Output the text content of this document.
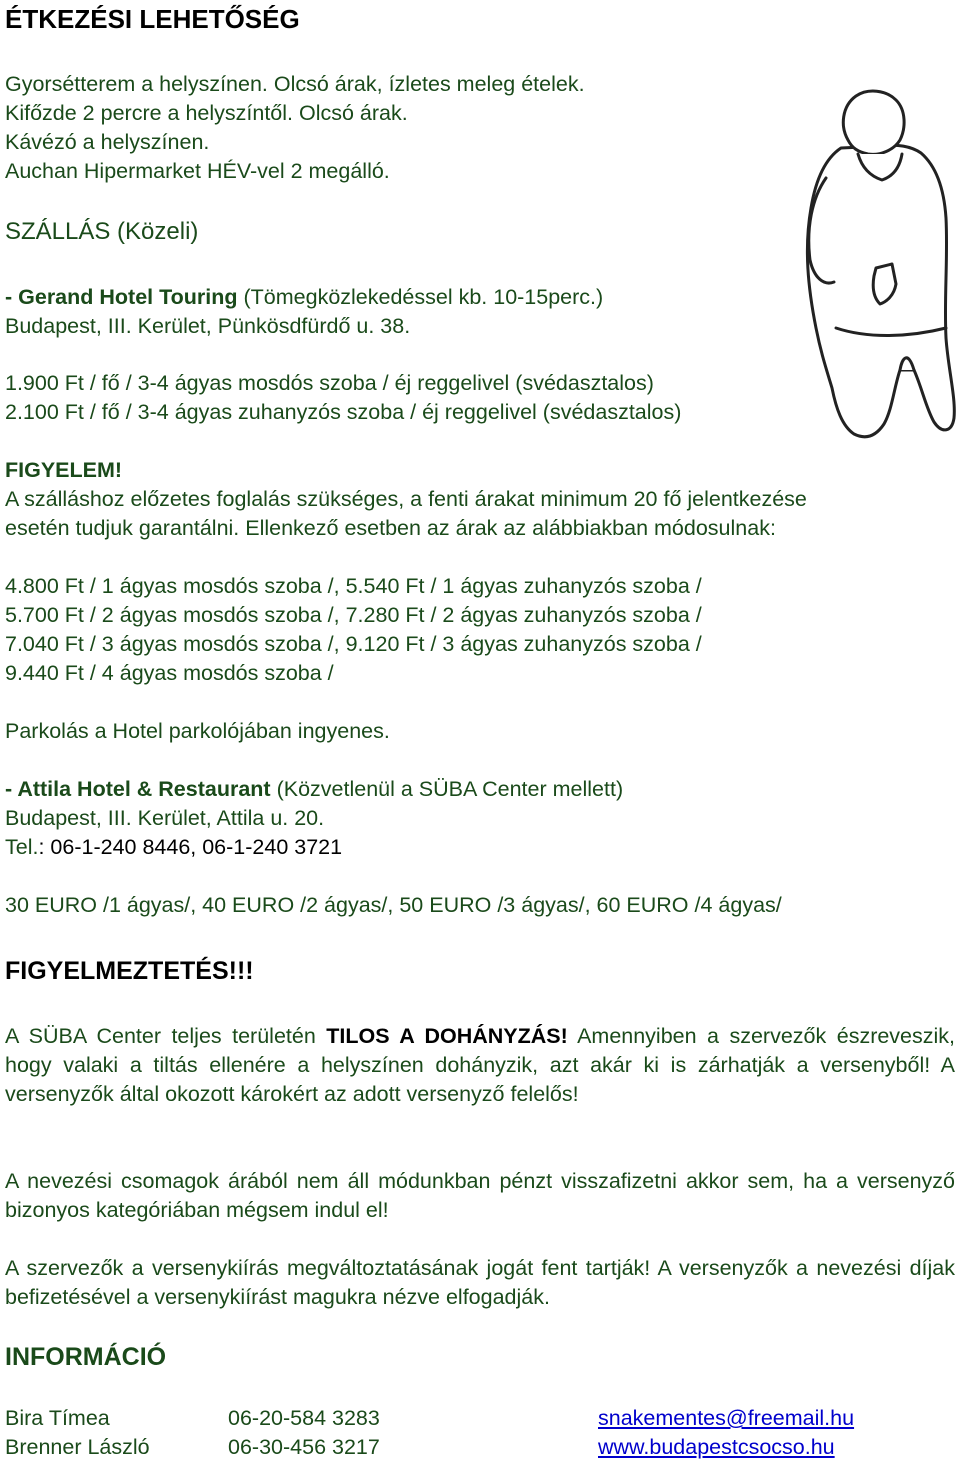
ÉTKEZÉSI LEHETŐSÉG
Gyorsétterem a helyszínen. Olcsó árak, ízletes meleg ételek.
Kifőzde 2 percre a helyszíntől. Olcsó árak.
Kávézó a helyszínen.
Auchan Hipermarket HÉV-vel 2 megálló.
SZÁLLÁS (Közeli)
- Gerand Hotel Touring (Tömegközlekedéssel kb. 10-15perc.)
Budapest, III. Kerület, Pünkösdfürdő u. 38.
1.900 Ft / fő / 3-4 ágyas mosdós szoba / éj reggelivel (svédasztalos)
2.100 Ft / fő / 3-4 ágyas zuhanyzós szoba / éj reggelivel (svédasztalos)
FIGYELEM!
A szálláshoz előzetes foglalás szükséges, a fenti árakat minimum 20 fő jelentkezése
esetén tudjuk garantálni. Ellenkező esetben az árak az alábbiakban módosulnak:
4.800 Ft / 1 ágyas mosdós szoba /, 5.540 Ft / 1 ágyas zuhanyzós szoba /
5.700 Ft / 2 ágyas mosdós szoba /, 7.280 Ft / 2 ágyas zuhanyzós szoba /
7.040 Ft / 3 ágyas mosdós szoba /, 9.120 Ft / 3 ágyas zuhanyzós szoba /
9.440 Ft / 4 ágyas mosdós szoba /
Parkolás a Hotel parkolójában ingyenes.
- Attila Hotel & Restaurant (Közvetlenül a SÜBA Center mellett)
Budapest, III. Kerület, Attila u. 20.
Tel.: 06-1-240 8446, 06-1-240 3721
30 EURO /1 ágyas/, 40 EURO /2 ágyas/, 50 EURO /3 ágyas/, 60 EURO /4 ágyas/
FIGYELMEZTETÉS!!!
A SÜBA Center teljes területén TILOS A DOHÁNYZÁS! Amennyiben a szervezők észreveszik, hogy valaki a tiltás ellenére a helyszínen dohányzik, azt akár ki is zárhatják a versenyből! A versenyzők által okozott károkért az adott versenyző felelős!
A nevezési csomagok árából nem áll módunkban pénzt visszafizetni akkor sem, ha a versenyző bizonyos kategóriában mégsem indul el!
A szervezők a versenykiírás megváltoztatásának jogát fent tartják! A versenyzők a nevezési díjak befizetésével a versenykiírást magukra nézve elfogadják.
INFORMÁCIÓ
Bira Tímea	06-20-584 3283	snakementes@freemail.hu
Brenner László	06-30-456 3217	www.budapestcsocso.hu
